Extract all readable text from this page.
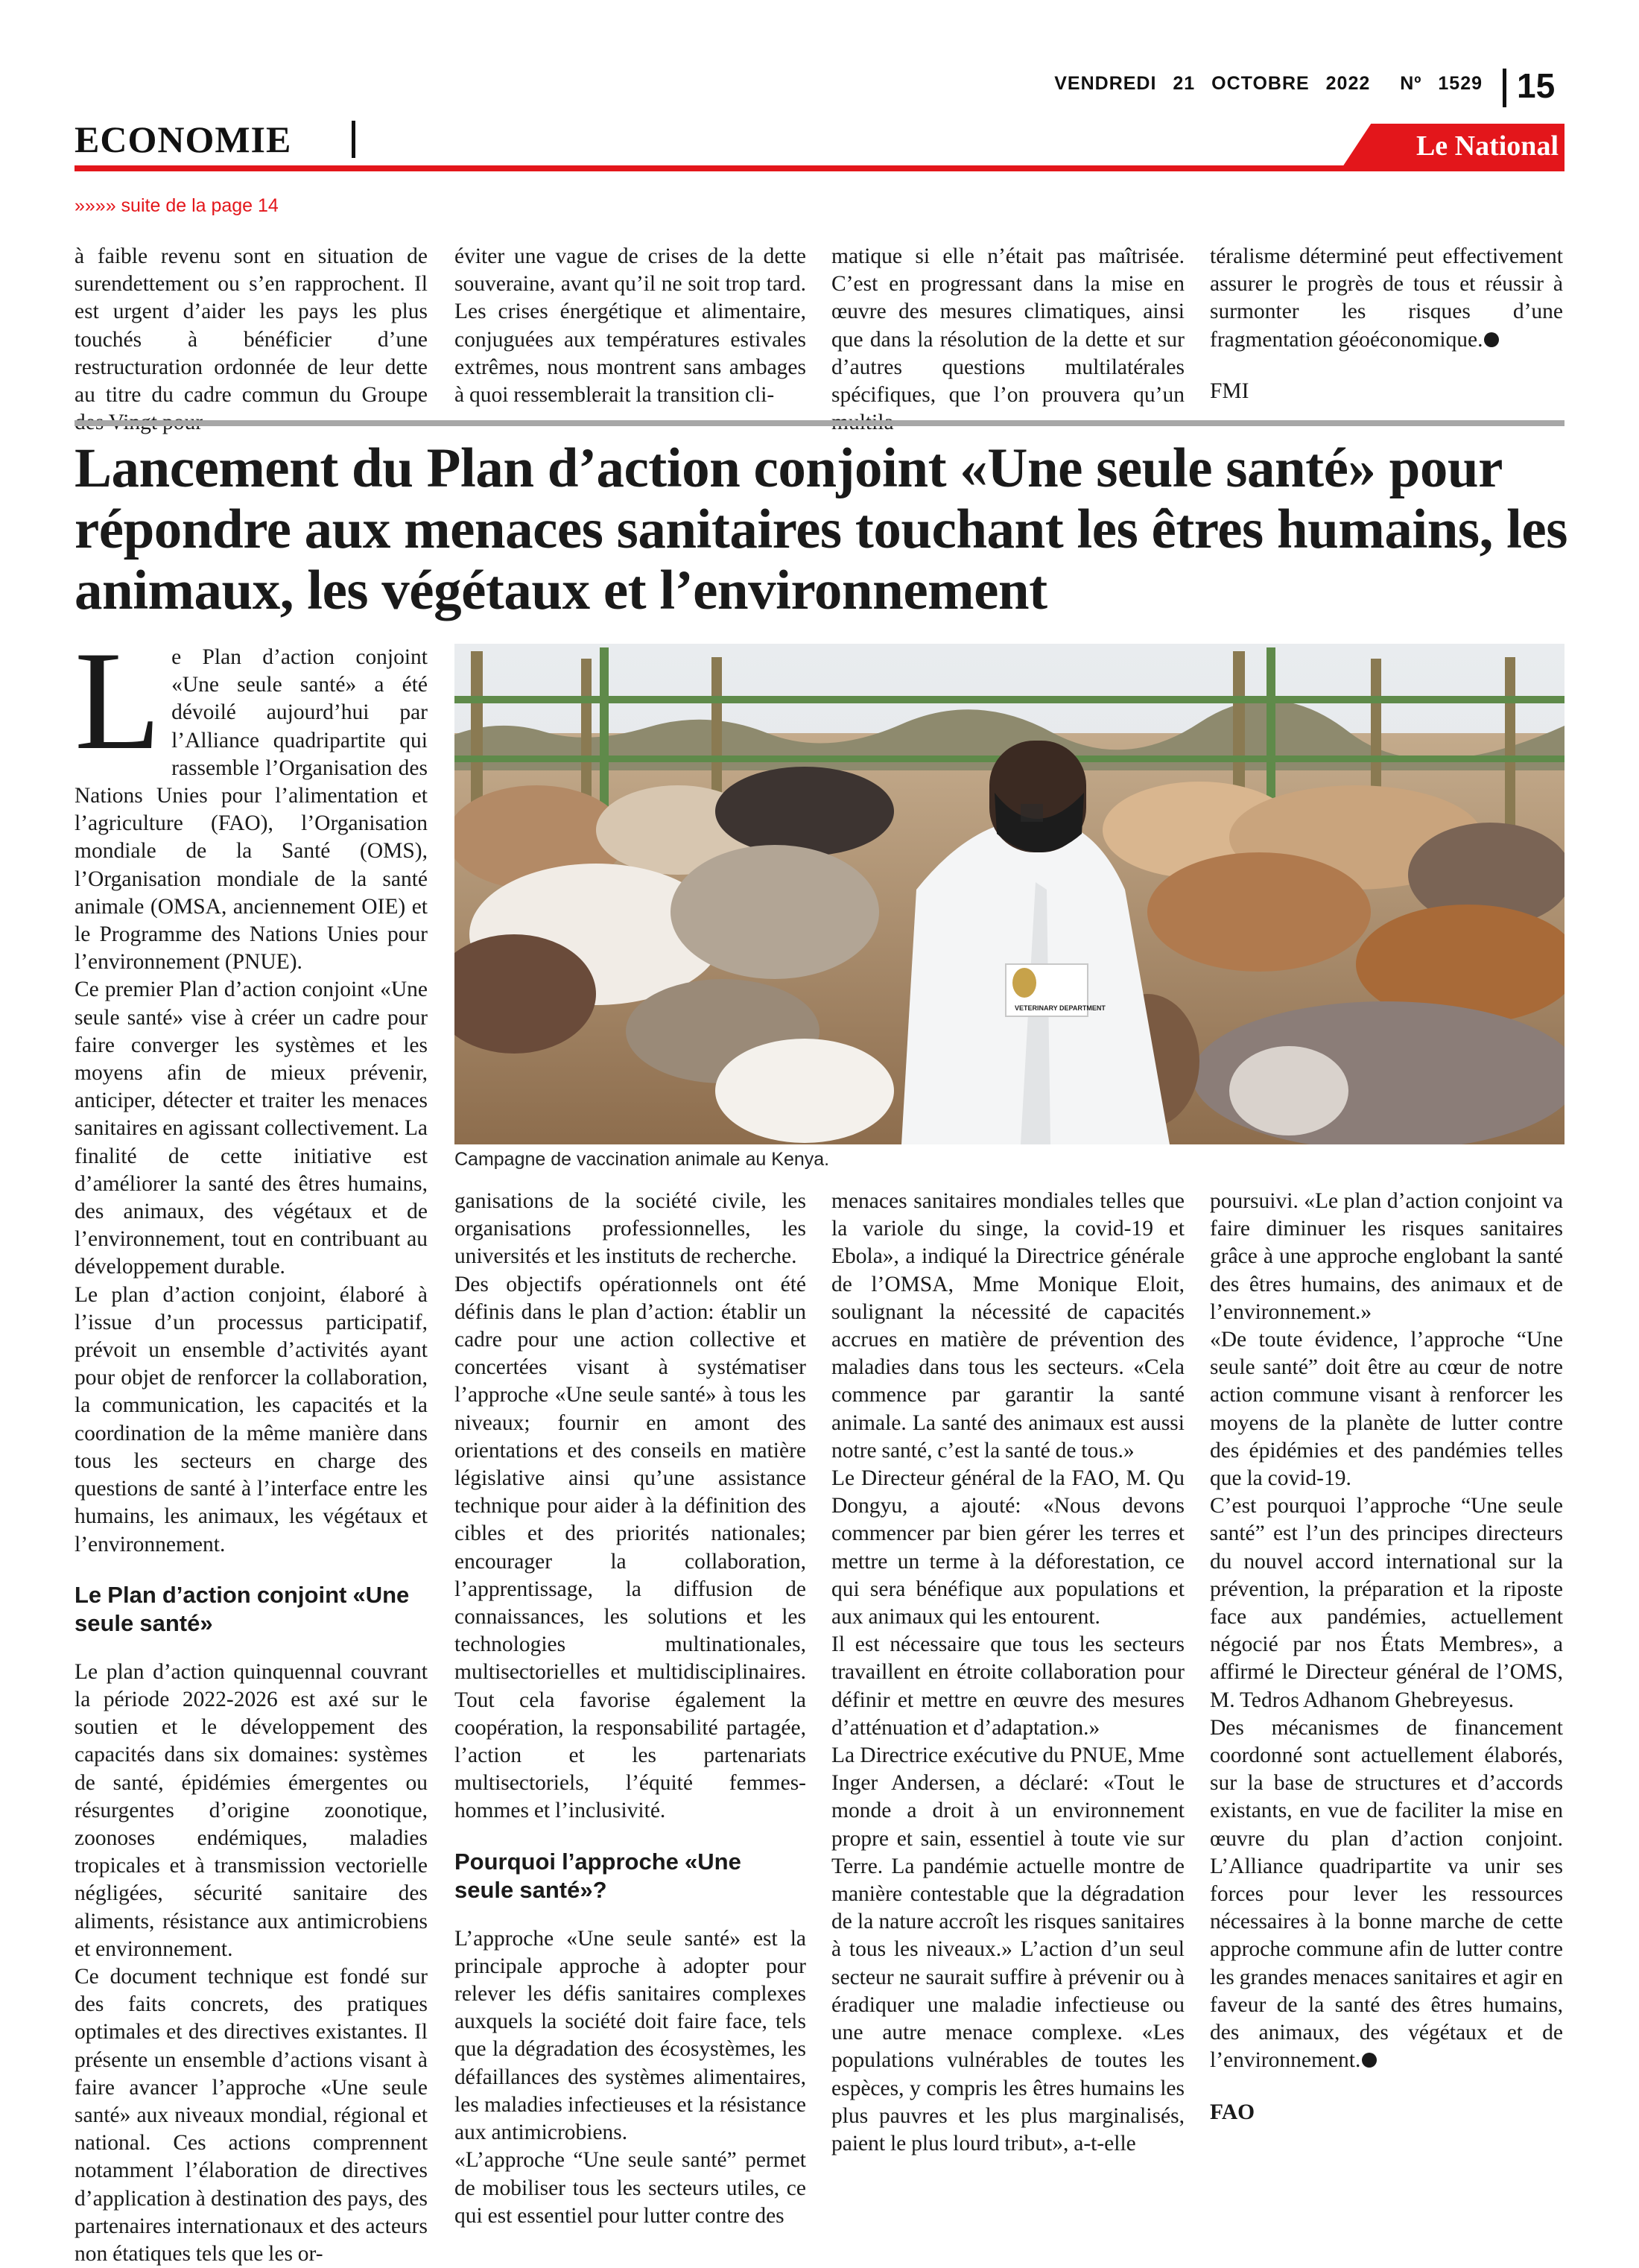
VENDREDI 21 OCTOBRE 2022 Nº 1529 15
ECONOMIE	Le National
»»»» suite de la page 14

à faible revenu sont en situation de surendettement ou s’en rapprochent. Il est urgent d’aider les pays les plus touchés à bénéficier d’une restructuration ordonnée de leur dette au titre du cadre commun du Groupe

éviter une vague de crises de la dette souveraine, avant qu’il ne soit trop tard. Les crises énergétique et alimentaire, conjuguées aux températures estivales extrêmes, nous montrent sans ambages à quoi ressemblerait la transition cli-

matique si elle n’était pas maîtrisée. C’est en progressant dans la mise en œuvre des mesures climatiques, ainsi que dans la résolution de la dette et sur d’autres questions multilatérales spécifiques, que l’on prouvera qu’un

téralisme déterminé peut effectivement assurer le progrès de tous et réussir à surmonter les risques d’une fragmentation géoéconomique.

FMI

Lancement du Plan d’action conjoint «Une seule santé» pour répondre aux menaces sanitaires touchant les êtres humains, les animaux, les végétaux et l’environnement
VETERINARY DEPARTMENT
Campagne de vaccination animale au Kenya.
L e Plan d’action conjoint «Une seule santé» a été dévoilé aujourd’hui par l’Alliance quadripartite qui rassemble l’Organisation des Nations Unies pour l’alimentation et l’agriculture (FAO), l’Organisation mondiale de la Santé (OMS), l’Organisation mondiale de la santé animale (OMSA, anciennement OIE) et le Programme des Nations Unies pour l’environnement (PNUE).

Ce premier Plan d’action conjoint «Une seule santé» vise à créer un cadre pour faire converger les systèmes et les moyens afin de mieux prévenir, anticiper, détecter et traiter les menaces sanitaires en agissant collectivement. La finalité de cette initiative est d’améliorer la santé des êtres humains, des animaux, des végétaux et de l’environnement, tout en contribuant au développement durable.

Le plan d’action conjoint, élaboré à l’issue d’un processus participatif, prévoit un ensemble d’activités ayant pour objet de renforcer la collaboration, la communication, les capacités et la coordination de la même manière dans tous les secteurs en charge des questions de santé à l’interface entre les humains, les animaux, les végétaux et l’environnement.

Le Plan d’action conjoint «Une seule santé»

Le plan d’action quinquennal couvrant la période 2022-2026 est axé sur le soutien et le développement des capacités dans six domaines: systèmes de santé, épidémies émergentes ou résurgentes d’origine zoonotique, zoonoses endémiques, maladies tropicales et à transmission vectorielle négligées, sécurité sanitaire des aliments, résistance aux antimicrobiens et environnement.

Ce document technique est fondé sur des faits concrets, des pratiques optimales et des directives existantes. Il présente un ensemble d’actions visant à faire avancer l’approche «Une seule santé» aux niveaux mondial, régional et national. Ces actions comprennent notamment l’élaboration de directives d’application à destination des pays, des partenaires internationaux et des acteurs non étatiques tels que les or-

ganisations de la société civile, les organisations professionnelles, les universités et les instituts de recherche.

Des objectifs opérationnels ont été définis dans le plan d’action: établir un cadre pour une action collective et concertées visant à systématiser l’approche «Une seule santé» à tous les niveaux; fournir en amont des orientations et des conseils en matière législative ainsi qu’une assistance technique pour aider à la définition des cibles et des priorités nationales; encourager la collaboration, l’apprentissage, la diffusion de connaissances, les solutions et les technologies multinationales, multisectorielles et multidisciplinaires. Tout cela favorise également la coopération, la responsabilité partagée, l’action et les partenariats multisectoriels, l’équité femmes-hommes et l’inclusivité.

Pourquoi l’approche «Une seule santé»?

L’approche «Une seule santé» est la principale approche à adopter pour relever les défis sanitaires complexes auxquels la société doit faire face, tels que la dégradation des écosystèmes, les défaillances des systèmes alimentaires, les maladies infectieuses et la résistance aux antimicrobiens.

«L’approche “Une seule santé” permet de mobiliser tous les secteurs utiles, ce qui est essentiel pour lutter contre des

menaces sanitaires mondiales telles que la variole du singe, la covid-19 et Ebola», a indiqué la Directrice générale de l’OMSA, Mme Monique Eloit, soulignant la nécessité de capacités accrues en matière de prévention des maladies dans tous les secteurs. «Cela commence par garantir la santé animale. La santé des animaux est aussi notre santé, c’est la santé de tous.»

Le Directeur général de la FAO, M. Qu Dongyu, a ajouté: «Nous devons commencer par bien gérer les terres et mettre un terme à la déforestation, ce qui sera bénéfique aux populations et aux animaux qui les entourent.

Il est nécessaire que tous les secteurs travaillent en étroite collaboration pour définir et mettre en œuvre des mesures d’atténuation et d’adaptation.»

La Directrice exécutive du PNUE, Mme Inger Andersen, a déclaré: «Tout le monde a droit à un environnement propre et sain, essentiel à toute vie sur Terre. La pandémie actuelle montre de manière contestable que la dégradation de la nature accroît les risques sanitaires à tous les niveaux.» L’action d’un seul secteur ne saurait suffire à prévenir ou à éradiquer une maladie infectieuse ou une autre menace complexe. «Les populations vulnérables de toutes les espèces, y compris les êtres humains les plus pauvres et les plus marginalisés, paient le plus lourd tribut», a-t-elle

poursuivi. «Le plan d’action conjoint va faire diminuer les risques sanitaires grâce à une approche englobant la santé des êtres humains, des animaux et de l’environnement.»

«De toute évidence, l’approche “Une seule santé” doit être au cœur de notre action commune visant à renforcer les moyens de la planète de lutter contre des épidémies et des pandémies telles que la covid-19.

C’est pourquoi l’approche “Une seule santé” est l’un des principes directeurs du nouvel accord international sur la prévention, la préparation et la riposte face aux pandémies, actuellement négocié par nos États Membres», a affirmé le Directeur général de l’OMS, M. Tedros Adhanom Ghebreyesus.

Des mécanismes de financement coordonné sont actuellement élaborés, sur la base de structures et d’accords existants, en vue de faciliter la mise en œuvre du plan d’action conjoint. L’Alliance quadripartite va unir ses forces pour lever les ressources nécessaires à la bonne marche de cette approche commune afin de lutter contre les grandes menaces sanitaires et agir en faveur de la santé des êtres humains, des animaux, des végétaux et de l’environnement.

FAO
